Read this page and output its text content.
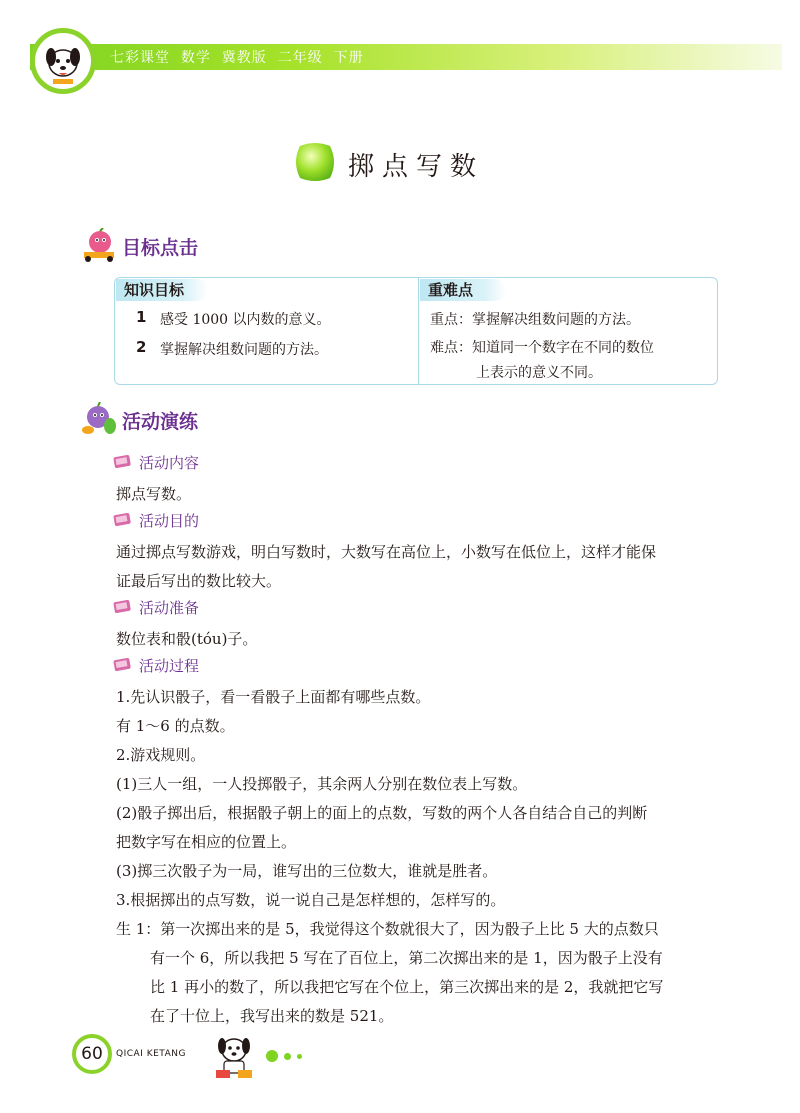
七彩课堂  数学  冀教版  二年级  下册
掷点写数
目标点击
知识目标	重难点
1 感受 1000 以内数的意义。
2 掌握解决组数问题的方法。
重点：掌握解决组数问题的方法。
难点：知道同一个数字在不同的数位
上表示的意义不同。
活动演练
活动内容
掷点写数。
活动目的
通过掷点写数游戏，明白写数时，大数写在高位上，小数写在低位上，这样才能保
证最后写出的数比较大。
活动准备
数位表和骰(tóu)子。
活动过程
1.先认识骰子，看一看骰子上面都有哪些点数。
有 1～6 的点数。
2.游戏规则。
(1)三人一组，一人投掷骰子，其余两人分别在数位表上写数。
(2)骰子掷出后，根据骰子朝上的面上的点数，写数的两个人各自结合自己的判断
把数字写在相应的位置上。
(3)掷三次骰子为一局，谁写出的三位数大，谁就是胜者。
3.根据掷出的点写数，说一说自己是怎样想的，怎样写的。
生 1：第一次掷出来的是 5，我觉得这个数就很大了，因为骰子上比 5 大的点数只
有一个 6，所以我把 5 写在了百位上，第二次掷出来的是 1，因为骰子上没有
比 1 再小的数了，所以我把它写在个位上，第三次掷出来的是 2，我就把它写
在了十位上，我写出来的数是 521。
60	QICAI KETANG
